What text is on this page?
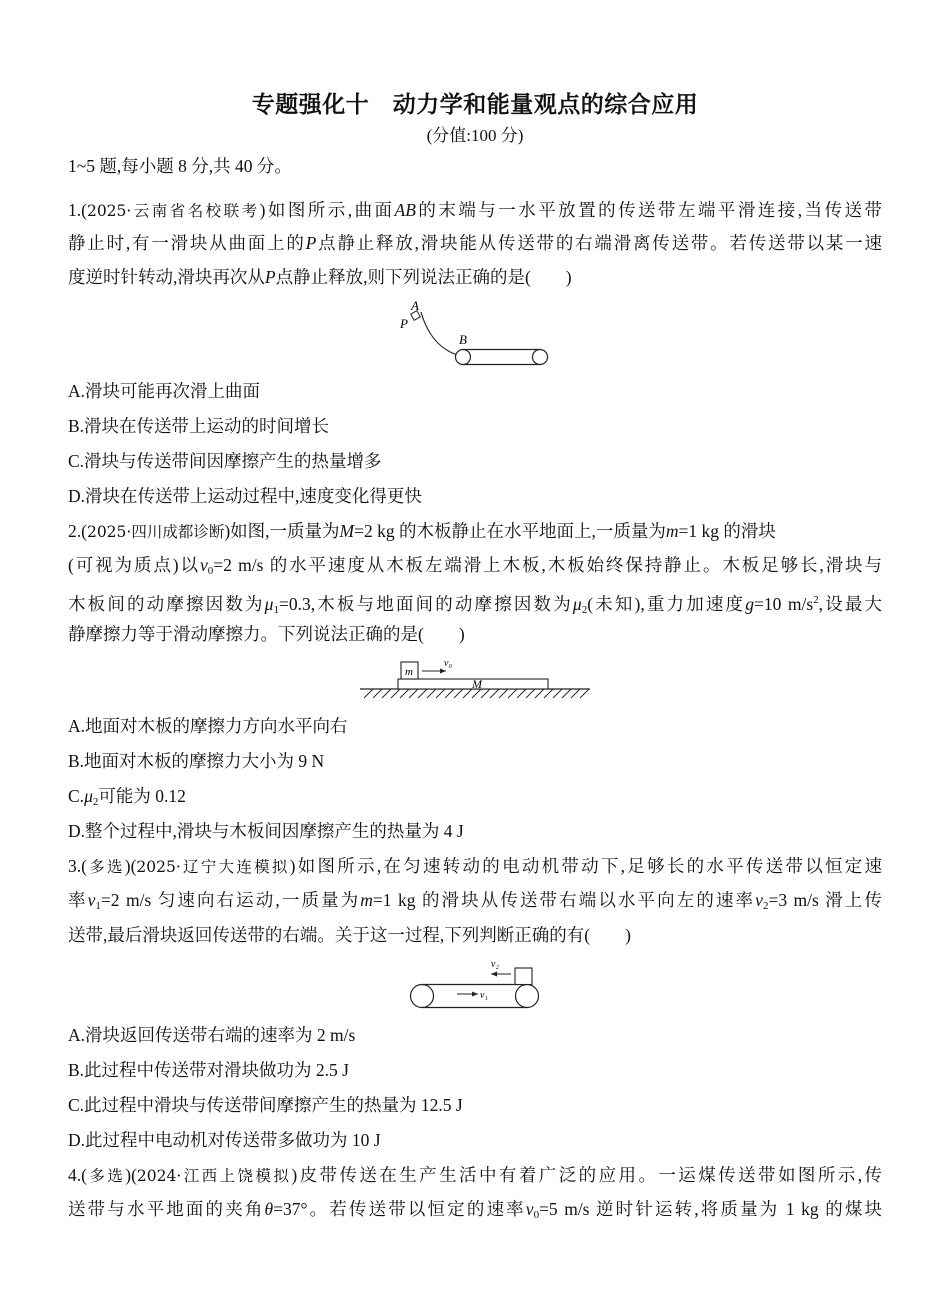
专题强化十　动力学和能量观点的综合应用
(分值:100 分)
1~5 题,每小题 8 分,共 40 分。
1.(2025·云南省名校联考)如图所示,曲面AB的末端与一水平放置的传送带左端平滑连接,当传送带
静止时,有一滑块从曲面上的P点静止释放,滑块能从传送带的右端滑离传送带。若传送带以某一速
度逆时针转动,滑块再次从P点静止释放,则下列说法正确的是(　　)
A
P
B
A.滑块可能再次滑上曲面
B.滑块在传送带上运动的时间增长
C.滑块与传送带间因摩擦产生的热量增多
D.滑块在传送带上运动过程中,速度变化得更快
2.(2025·四川成都诊断)如图,一质量为M=2 kg 的木板静止在水平地面上,一质量为m=1 kg 的滑块
(可视为质点)以$v_0=2$ m/s 的水平速度从木板左端滑上木板,木板始终保持静止。木板足够长,滑块与
木板间的动摩擦因数为$\mu_1=0.3$,木板与地面间的动摩擦因数为$\mu_2$(未知),重力加速度g=10 $m/s^2$,设最大
静摩擦力等于滑动摩擦力。下列说法正确的是(　　)
M
m
v₀
A.地面对木板的摩擦力方向水平向右
B.地面对木板的摩擦力大小为 9 N
$C.\mu_2$可能为 0.12
D.整个过程中,滑块与木板间因摩擦产生的热量为 4 J
3.(多选)(2025·辽宁大连模拟)如图所示,在匀速转动的电动机带动下,足够长的水平传送带以恒定速
率$v_1=2$ m/s 匀速向右运动,一质量为m=1 kg 的滑块从传送带右端以水平向左的速率$v_2=3$ m/s 滑上传
送带,最后滑块返回传送带的右端。关于这一过程,下列判断正确的有(　　)
v₂
v₁
A.滑块返回传送带右端的速率为 2 m/s
B.此过程中传送带对滑块做功为 2.5 J
C.此过程中滑块与传送带间摩擦产生的热量为 12.5 J
D.此过程中电动机对传送带多做功为 10 J
4.(多选)(2024·江西上饶模拟)皮带传送在生产生活中有着广泛的应用。一运煤传送带如图所示,传
送带与水平地面的夹角θ=37°。若传送带以恒定的速率$v_0=5$ m/s 逆时针运转,将质量为 1 kg 的煤块
